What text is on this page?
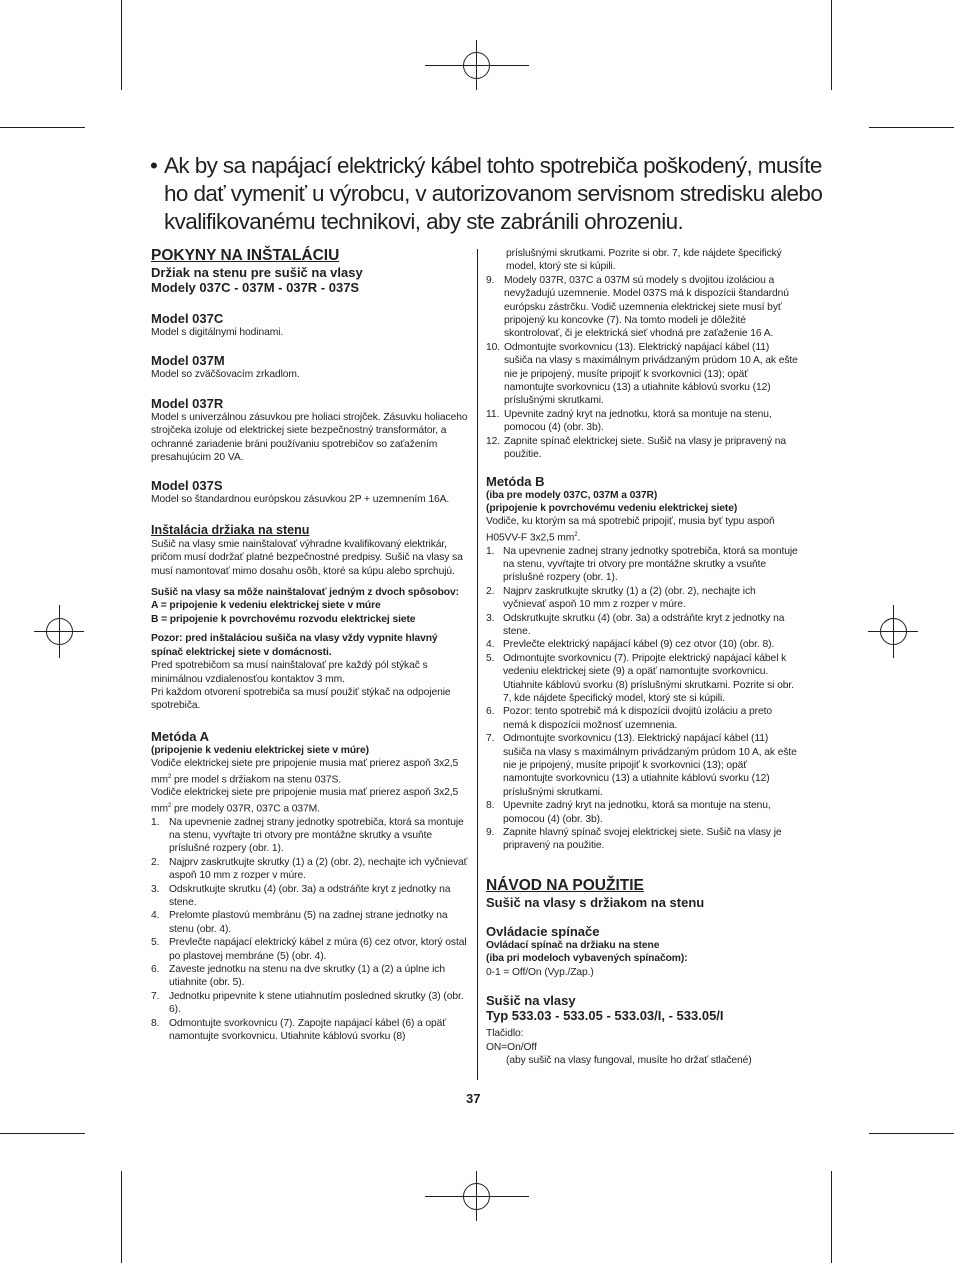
• Ak by sa napájací elektrický kábel tohto spotrebiča poškodený, musíte ho dať vymeniť u výrobcu, v autorizovanom servisnom stredisku alebo kvalifikovanému technikovi, aby ste zabránili ohrozeniu.

POKYNY NA INŠTALÁCIU

Držiak na stenu pre sušič na vlasy

Modely 037C - 037M - 037R - 037S

Model 037C

Model s digitálnymi hodinami.

Model 037M

Model so zväčšovacím zrkadlom.

Model 037R

Model s univerzálnou zásuvkou pre holiaci strojček. Zásuvku holiaceho strojčeka izoluje od elektrickej siete bezpečnostný transformátor, a ochranné zariadenie bráni používaniu spotrebičov so zaťažením presahujúcim 20 VA.

Model 037S

Model so štandardnou európskou zásuvkou 2P + uzemnením 16A.

Inštalácia držiaka na stenu

Sušič na vlasy smie nainštalovať výhradne kvalifikovaný elektrikár, pričom musí dodržať platné bezpečnostné predpisy. Sušič na vlasy sa musí namontovať mimo dosahu osôb, ktoré sa kúpu alebo sprchujú.

Sušič na vlasy sa môže nainštalovať jedným z dvoch spôsobov:

A = pripojenie k vedeniu elektrickej siete v múre

B = pripojenie k povrchovému rozvodu elektrickej siete

Pozor: pred inštaláciou sušiča na vlasy vždy vypnite hlavný spínač elektrickej siete v domácnosti.

Pred spotrebičom sa musí nainštalovať pre každý pól stýkač s minimálnou vzdialenosťou kontaktov 3 mm.

Pri každom otvorení spotrebiča sa musí použiť stýkač na odpojenie spotrebiča.

Metóda A

(pripojenie k vedeniu elektrickej siete v múre)

Vodiče elektrickej siete pre pripojenie musia mať prierez aspoň 3x2,5 $mm^2$ pre model s držiakom na stenu 037S.

Vodiče elektrickej siete pre pripojenie musia mať prierez aspoň 3x2,5 $mm^2$ pre modely 037R, 037C a 037M.

1. Na upevnenie zadnej strany jednotky spotrebiča, ktorá sa montuje na stenu, vyvŕtajte tri otvory pre montážne skrutky a vsuňte príslušné rozpery (obr. 1).
2. Najprv zaskrutkujte skrutky (1) a (2) (obr. 2), nechajte ich vyčnievať aspoň 10 mm z rozper v múre.
3. Odskrutkujte skrutku (4) (obr. 3a) a odstráňte kryt z jednotky na stene.
4. Prelomte plastovú membránu (5) na zadnej strane jednotky na stenu (obr. 4).
5. Prevlečte napájací elektrický kábel z múra (6) cez otvor, ktorý ostal po plastovej membráne (5) (obr. 4).
6. Zaveste jednotku na stenu na dve skrutky (1) a (2) a úplne ich utiahnite (obr. 5).
7. Jednotku pripevnite k stene utiahnutím posledned skrutky (3) (obr. 6).
8. Odmontujte svorkovnicu (7). Zapojte napájací kábel (6) a opäť namontujte svorkovnicu. Utiahnite káblovú svorku (8)

príslušnými skrutkami. Pozrite si obr. 7, kde nájdete špecifický model, ktorý ste si kúpili.

9. Modely 037R, 037C a 037M sú modely s dvojitou izoláciou a nevyžadujú uzemnenie. Model 037S má k dispozícii štandardnú európsku zástrčku. Vodič uzemnenia elektrickej siete musí byť pripojený ku koncovke (7). Na tomto modeli je dôležité skontrolovať, či je elektrická sieť vhodná pre zaťaženie 16 A.
10. Odmontujte svorkovnicu (13). Elektrický napájací kábel (11) sušiča na vlasy s maximálnym privádzaným prúdom 10 A, ak ešte nie je pripojený, musíte pripojiť k svorkovnici (13); opäť namontujte svorkovnicu (13) a utiahnite káblovú svorku (12) príslušnými skrutkami.
11. Upevnite zadný kryt na jednotku, ktorá sa montuje na stenu, pomocou (4) (obr. 3b).
12. Zapnite spínač elektrickej siete. Sušič na vlasy je pripravený na použitie.

Metóda B

(iba pre modely 037C, 037M a 037R)

(pripojenie k povrchovému vedeniu elektrickej siete)

Vodiče, ku ktorým sa má spotrebič pripojiť, musia byť typu aspoň H05VV-F 3x2,5 $mm^2$.

1. Na upevnenie zadnej strany jednotky spotrebiča, ktorá sa montuje na stenu, vyvŕtajte tri otvory pre montážne skrutky a vsuňte príslušné rozpery (obr. 1).
2. Najprv zaskrutkujte skrutky (1) a (2) (obr. 2), nechajte ich vyčnievať aspoň 10 mm z rozper v múre.
3. Odskrutkujte skrutku (4) (obr. 3a) a odstráňte kryt z jednotky na stene.
4. Prevlečte elektrický napájací kábel (9) cez otvor (10) (obr. 8).
5. Odmontujte svorkovnicu (7). Pripojte elektrický napájací kábel k vedeniu elektrickej siete (9) a opäť namontujte svorkovnicu. Utiahnite káblovú svorku (8) príslušnými skrutkami. Pozrite si obr. 7, kde nájdete špecifický model, ktorý ste si kúpili.
6. Pozor: tento spotrebič má k dispozícii dvojitú izoláciu a preto nemá k dispozícii možnosť uzemnenia.
7. Odmontujte svorkovnicu (13). Elektrický napájací kábel (11) sušiča na vlasy s maximálnym privádzaným prúdom 10 A, ak ešte nie je pripojený, musíte pripojiť k svorkovnici (13); opäť namontujte svorkovnicu (13) a utiahnite káblovú svorku (12) príslušnými skrutkami.
8. Upevnite zadný kryt na jednotku, ktorá sa montuje na stenu, pomocou (4) (obr. 3b).
9. Zapnite hlavný spínač svojej elektrickej siete. Sušič na vlasy je pripravený na použitie.

NÁVOD NA POUŽITIE

Sušič na vlasy s držiakom na stenu

Ovládacie spínače

Ovládací spínač na držiaku na stene

(iba pri modeloch vybavených spínačom):

0-1 = Off/On (Vyp./Zap.)

Sušič na vlasy

Typ 533.03 - 533.05 - 533.03/I, - 533.05/I

Tlačidlo:

ON=On/Off

(aby sušič na vlasy fungoval, musíte ho držať stlačené)

37
